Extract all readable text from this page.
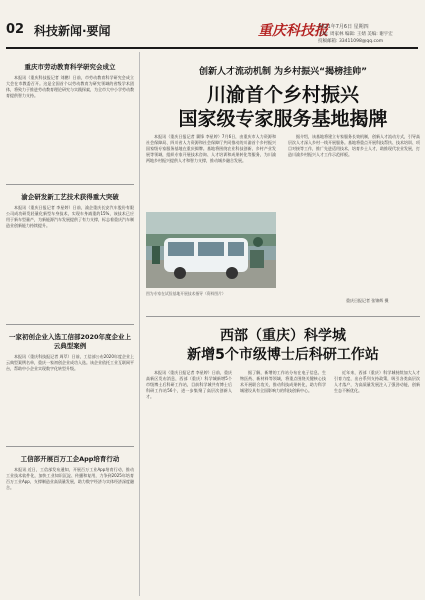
02 科技新闻·要闻	重庆科技报
2021年7月6日 星期四
主编: 周家林 编辑: 王婧 美编: 谢宇宏
投稿邮箱: 33411098@qq.com
重庆市劳动教育科学研究会成立
本报讯（重庆科技报记者 刘鹏）日前，市劳动教育科学研究会成立大会在市教委召开。这是全国首个以劳动教育为研究领域的省级学术团体，将致力于推进劳动教育理论研究与实践探索，为全市大中小学劳动教育提供智力支持。
渝企研发新工艺技术获得重大突破
本报讯（重庆日报记者 李星婷）日前，渝企重庆长安汽车股份有限公司成功研发轻量化新型车身技术，实现车身减重约15%，该技术已应用于新车型量产，为新能源汽车发展提供了有力支撑，标志着重庆汽车制造业创新能力持续提升。
一家初创企业入选工信部2020年度企业上云典型案例
本报讯（重庆科技报记者 周萃）日前，工信部公布2020年度企业上云典型案例名单，重庆一家初创企业成功入选。该企业依托工业互联网平台，帮助中小企业实现数字化转型升级。
工信部开展百万工企App培育行动
本报讯 近日，工信部发布通知，开展百万工业App培育行动，推动工业技术软件化，加快工业知识沉淀、传播和复用，力争到2025年培育百万工业App，支撑制造业高质量发展，助力数字经济与实体经济深度融合。
创新人才流动机制 为乡村振兴“揭榜挂帅”
川渝首个乡村振兴
国家级专家服务基地揭牌
本报讯（重庆日报记者 冀锋 李星婷）7月6日，由重庆市人力资源和社会保障局、四川省人力资源和社会保障厅共同推动的川渝首个乡村振兴国家级专家服务基地在重庆揭牌。基地将围绕农业科技创新、乡村产业发展等领域，组织专家开展技术咨询、人才培训和成果转化等服务，为川渝两地乡村振兴提供人才和智力支撑，推动城乡融合发展。
据介绍，该基地将建立专家服务长效机制，创新人才流动方式，引导高层次人才深入乡村一线开展服务。基地将重点开展科技帮扶、技术培训、项目对接等工作，推广先进适用技术，培育乡土人才，助推现代农业发展，打造川渝乡村振兴人才工作示范样板。
图为专家在试验基地开展技术指导（资料图片）
重庆日报记者 张锦辉 摄
西部（重庆）科学城
新增5个市级博士后科研工作站
本报讯（重庆日报记者 李星婷）日前，重庆高新区发布消息，西部（重庆）科学城新增5个市级博士后科研工作站，目前科学城共有博士后科研工作站56个，进一步集聚了高层次创新人才。
据了解，新增的工作站分布在电子信息、生物医药、新材料等领域，将重点围绕关键核心技术开展联合攻关，推动科技成果转化，助力科学城建设具有全国影响力的科技创新中心。
近年来，西部（重庆）科学城持续加大人才引育力度，出台系列支持政策，吸引各类高层次人才落户，为高质量发展注入了强劲动能，创新生态不断优化。
